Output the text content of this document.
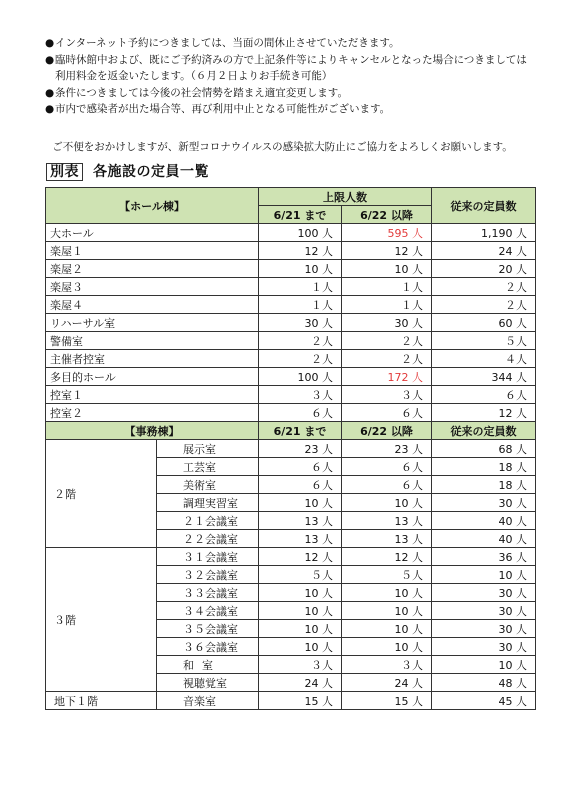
● インターネット予約につきましては、当面の間休止させていただきます。
● 臨時休館中および、既にご予約済みの方で上記条件等によりキャンセルとなった場合につきましては利用料金を返金いたします。（６月２日よりお手続き可能）
● 条件につきましては今後の社会情勢を踏まえ適宜変更します。
● 市内で感染者が出た場合等、再び利用中止となる可能性がございます。
ご不便をおかけしますが、新型コロナウイルスの感染拡大防止にご協力をよろしくお願いします。
別表 各施設の定員一覧
【ホール棟】		上限人数		従来の定員数
		6/21 まで	6/22 以降	
大ホール		100 人	595 人	1,190 人
楽屋１		12 人	12 人	24 人
楽屋２		10 人	10 人	20 人
楽屋３		１人	１人	２人
楽屋４		１人	１人	２人
リハーサル室		30 人	30 人	60 人
警備室		２人	２人	５人
主催者控室		２人	２人	４人
多目的ホール		100 人	172 人	344 人
控室１		３人	３人	６人
控室２		６人	６人	12 人
【事務棟】		6/21 まで	6/22 以降	従来の定員数
２階	展示室	23 人	23 人	68 人
	工芸室	６人	６人	18 人
	美術室	６人	６人	18 人
	調理実習室	10 人	10 人	30 人
	２１会議室	13 人	13 人	40 人
	２２会議室	13 人	13 人	40 人
３階	３１会議室	12 人	12 人	36 人
	３２会議室	５人	５人	10 人
	３３会議室	10 人	10 人	30 人
	３４会議室	10 人	10 人	30 人
	３５会議室	10 人	10 人	30 人
	３６会議室	10 人	10 人	30 人
	和室	３人	３人	10 人
	視聴覚室	24 人	24 人	48 人
地下１階	音楽室	15 人	15 人	45 人
